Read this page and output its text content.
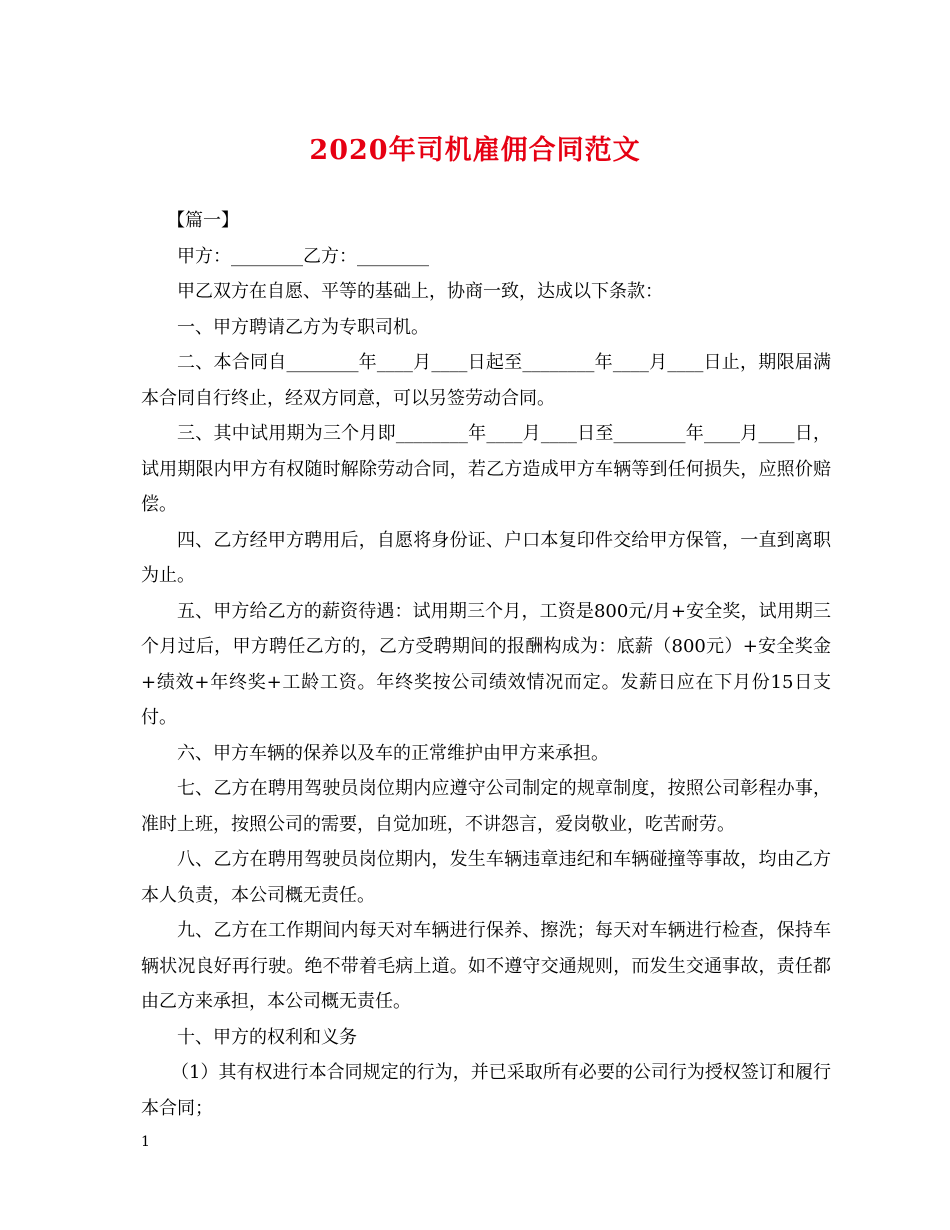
2020年司机雇佣合同范文

【篇一】

甲方：________乙方：________

甲乙双方在自愿、平等的基础上，协商一致，达成以下条款：

一、甲方聘请乙方为专职司机。

二、本合同自________年____月____日起至________年____月____日止，期限届满本合同自行终止，经双方同意，可以另签劳动合同。

三、其中试用期为三个月即________年____月____日至________年____月____日，试用期限内甲方有权随时解除劳动合同，若乙方造成甲方车辆等到任何损失，应照价赔偿。

四、乙方经甲方聘用后，自愿将身份证、户口本复印件交给甲方保管，一直到离职为止。

五、甲方给乙方的薪资待遇：试用期三个月，工资是800元/月+安全奖，试用期三个月过后，甲方聘任乙方的，乙方受聘期间的报酬构成为：底薪（800元）+安全奖金+绩效+年终奖+工龄工资。年终奖按公司绩效情况而定。发薪日应在下月份15日支付。

六、甲方车辆的保养以及车的正常维护由甲方来承担。

七、乙方在聘用驾驶员岗位期内应遵守公司制定的规章制度，按照公司彰程办事，准时上班，按照公司的需要，自觉加班，不讲怨言，爱岗敬业，吃苦耐劳。

八、乙方在聘用驾驶员岗位期内，发生车辆违章违纪和车辆碰撞等事故，均由乙方本人负责，本公司概无责任。

九、乙方在工作期间内每天对车辆进行保养、擦洗；每天对车辆进行检查，保持车辆状况良好再行驶。绝不带着毛病上道。如不遵守交通规则，而发生交通事故，责任都由乙方来承担，本公司概无责任。

十、甲方的权利和义务

（1）其有权进行本合同规定的行为，并已采取所有必要的公司行为授权签订和履行本合同；

1
